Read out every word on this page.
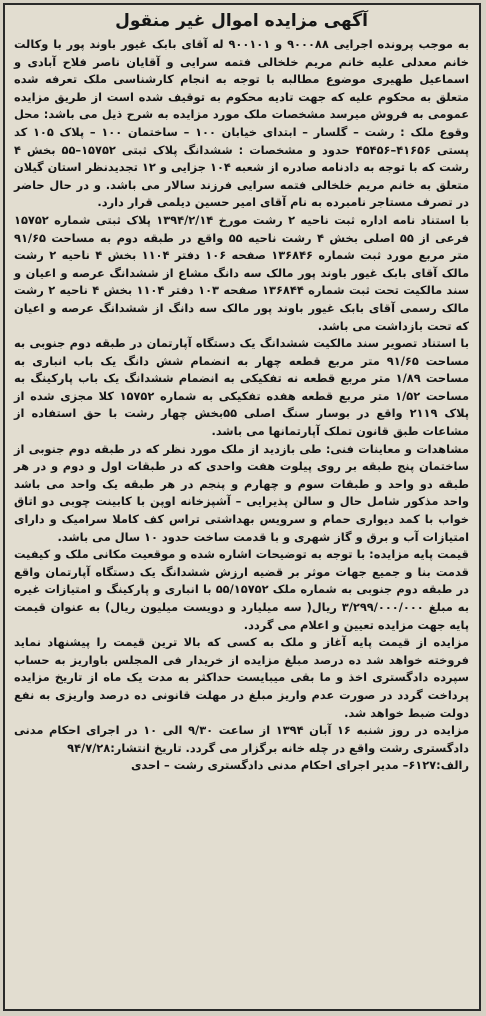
آگهی مزایده اموال غیر منقول

به موجب پرونده اجرایی ۹۰۰۰۸۸ و ۹۰۰۱۰۱ له آقای بابک غیور باوند پور با وکالت خانم معدلی علیه خانم مریم خلخالی فتمه سرایی و آقایان ناصر فلاح آبادی و اسماعیل طهیری موضوع مطالبه با توجه به انجام کارشناسی ملک تعرفه شده متعلق به محکوم علیه که جهت تادیه محکوم به توقیف شده است از طریق مزایده عمومی به فروش میرسد مشخصات ملک مورد مزایده به شرح ذیل می باشد: محل وقوع ملک : رشت – گلسار – ابتدای خیابان ۱۰۰ – ساختمان ۱۰۰ – پلاک ۱۰۵ کد پستی ۴۱۶۵۶–۴۵۴۵۶ حدود و مشخصات : ششدانگ پلاک ثبتی ۱۵۷۵۲–۵۵ بخش ۴ رشت که با توجه به دادنامه صادره از شعبه ۱۰۴ جزایی و ۱۲ تجدیدنظر استان گیلان متعلق به خانم مریم خلخالی فتمه سرایی فرزند سالار می باشد. و در حال حاضر در تصرف مستاجر نامبرده به نام آقای امیر حسین دیلمی قرار دارد.

با استناد نامه اداره ثبت ناحیه ۲ رشت مورخ ۱۳۹۴/۲/۱۴ پلاک ثبتی شماره ۱۵۷۵۲ فرعی از ۵۵ اصلی بخش ۴ رشت ناحیه ۵۵ واقع در طبقه دوم به مساحت ۹۱/۶۵ متر مربع مورد ثبت شماره ۱۳۶۸۴۶ صفحه ۱۰۶ دفتر ۱۱۰۴ بخش ۴ ناحیه ۲ رشت مالک آقای بابک غیور باوند پور مالک سه دانگ مشاع از ششدانگ عرصه و اعیان و سند مالکیت تحت ثبت شماره ۱۳۶۸۴۴ صفحه ۱۰۳ دفتر ۱۱۰۴ بخش ۴ ناحیه ۲ رشت مالک رسمی آقای بابک غیور باوند پور مالک سه دانگ از ششدانگ عرصه و اعیان که تحت بازداشت می باشد.

با استناد تصویر سند مالکیت ششدانگ یک دستگاه آپارتمان در طبقه دوم جنوبی به مساحت ۹۱/۶۵ متر مربع قطعه چهار به انضمام شش دانگ یک باب انباری به مساحت ۱/۸۹ متر مربع قطعه نه تفکیکی به انضمام ششدانگ یک باب پارکینگ به مساحت ۱/۵۲ متر مربع قطعه هفده تفکیکی به شماره ۱۵۷۵۲ کلا مجزی شده از پلاک ۲۱۱۹ واقع در بوسار سنگ اصلی ۵۵بخش چهار رشت با حق استفاده از مشاعات طبق قانون تملک آپارتمانها می باشد.

مشاهدات و معاینات فنی: طی بازدید از ملک مورد نظر که در طبقه دوم جنوبی از ساختمان پنج طبقه بر روی پیلوت هفت واحدی که در طبقات اول و دوم و در هر طبقه دو واحد و طبقات سوم و چهارم و پنجم در هر طبقه یک واحد می باشد واحد مذکور شامل حال و سالن پذیرایی – آشپزخانه اوپن با کابینت چوبی دو اتاق خواب با کمد دیواری حمام و سرویس بهداشتی تراس کف کاملا سرامیک و دارای امتیازات آب و برق و گاز شهری و با قدمت ساخت حدود ۱۰ سال می باشد.

قیمت پایه مزایده: با توجه به توضیحات اشاره شده و موقعیت مکانی ملک و کیفیت قدمت بنا و جمیع جهات موثر بر قضیه ارزش ششدانگ یک دستگاه آپارتمان واقع در طبقه دوم جنوبی به شماره ملک ۵۵/۱۵۷۵۲ با انباری و پارکینگ و امتیازات غیره به مبلغ ۳/۲۹۹/۰۰۰/۰۰۰ ریال( سه میلیارد و دویست میلیون ریال) به عنوان قیمت پایه جهت مزایده تعیین و اعلام می گردد.

مزایده از قیمت پایه آغاز و ملک به کسی که بالا ترین قیمت را پیشنهاد نماید فروخته خواهد شد ده درصد مبلغ مزایده از خریدار فی المجلس باواریز به حساب سپرده دادگستری اخذ و ما بقی میبایست حداکثر به مدت یک ماه از تاریخ مزایده پرداخت گردد در صورت عدم واریز مبلغ در مهلت قانونی ده درصد واریزی به نفع دولت ضبط خواهد شد.

مزایده در روز شنبه ۱۶ آبان ۱۳۹۴ از ساعت ۹/۳۰ الی ۱۰ در اجرای احکام مدنی دادگستری رشت واقع در چله خانه برگزار می گردد. تاریخ انتشار:۹۴/۷/۲۸

رالف:۶۱۲۷– مدیر اجرای احکام مدنی دادگستری رشت – احدی
